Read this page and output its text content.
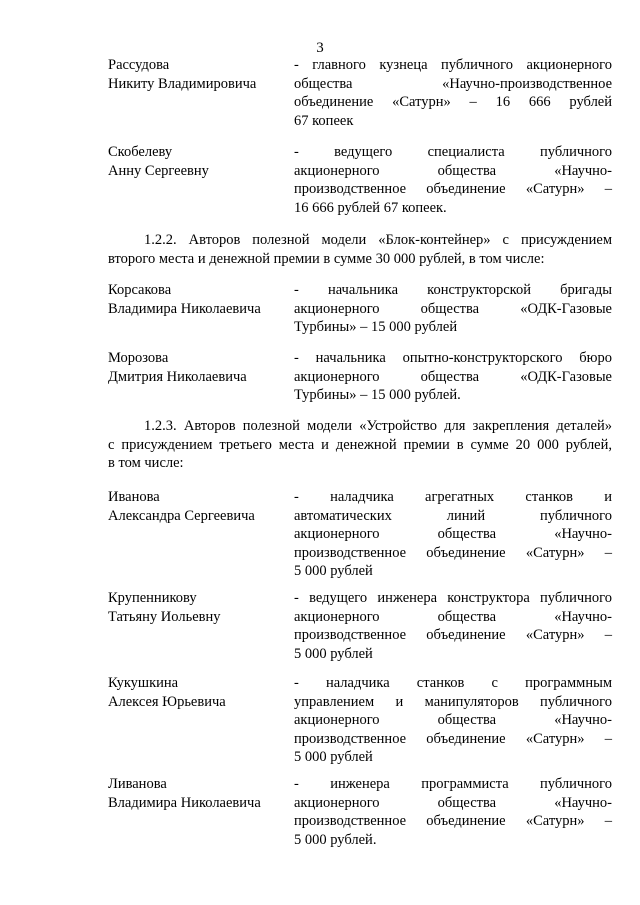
3
Рассудова
Никиту Владимировича
- главного кузнеца публичного акционерного
общества «Научно-производственное
объединение «Сатурн» – 16 666 рублей
67 копеек
Скобелеву
Анну Сергеевну
- ведущего специалиста публичного
акционерного общества «Научно-
производственное объединение «Сатурн» –
16 666 рублей 67 копеек.
1.2.2. Авторов полезной модели «Блок-контейнер» с присуждением
второго места и денежной премии в сумме 30 000 рублей, в том числе:
Корсакова
Владимира Николаевича
- начальника конструкторской бригады
акционерного общества «ОДК-Газовые
Турбины» – 15 000 рублей
Морозова
Дмитрия Николаевича
- начальника опытно-конструкторского бюро
акционерного общества «ОДК-Газовые
Турбины» – 15 000 рублей.
1.2.3. Авторов полезной модели «Устройство для закрепления деталей»
с присуждением третьего места и денежной премии в сумме 20 000 рублей,
в том числе:
Иванова
Александра Сергеевича
- наладчика агрегатных станков и
автоматических линий публичного
акционерного общества «Научно-
производственное объединение «Сатурн» –
5 000 рублей
Крупенникову
Татьяну Иольевну
- ведущего инженера конструктора публичного
акционерного общества «Научно-
производственное объединение «Сатурн» –
5 000 рублей
Кукушкина
Алексея Юрьевича
- наладчика станков с программным
управлением и манипуляторов публичного
акционерного общества «Научно-
производственное объединение «Сатурн» –
5 000 рублей
Ливанова
Владимира Николаевича
- инженера программиста публичного
акционерного общества «Научно-
производственное объединение «Сатурн» –
5 000 рублей.
